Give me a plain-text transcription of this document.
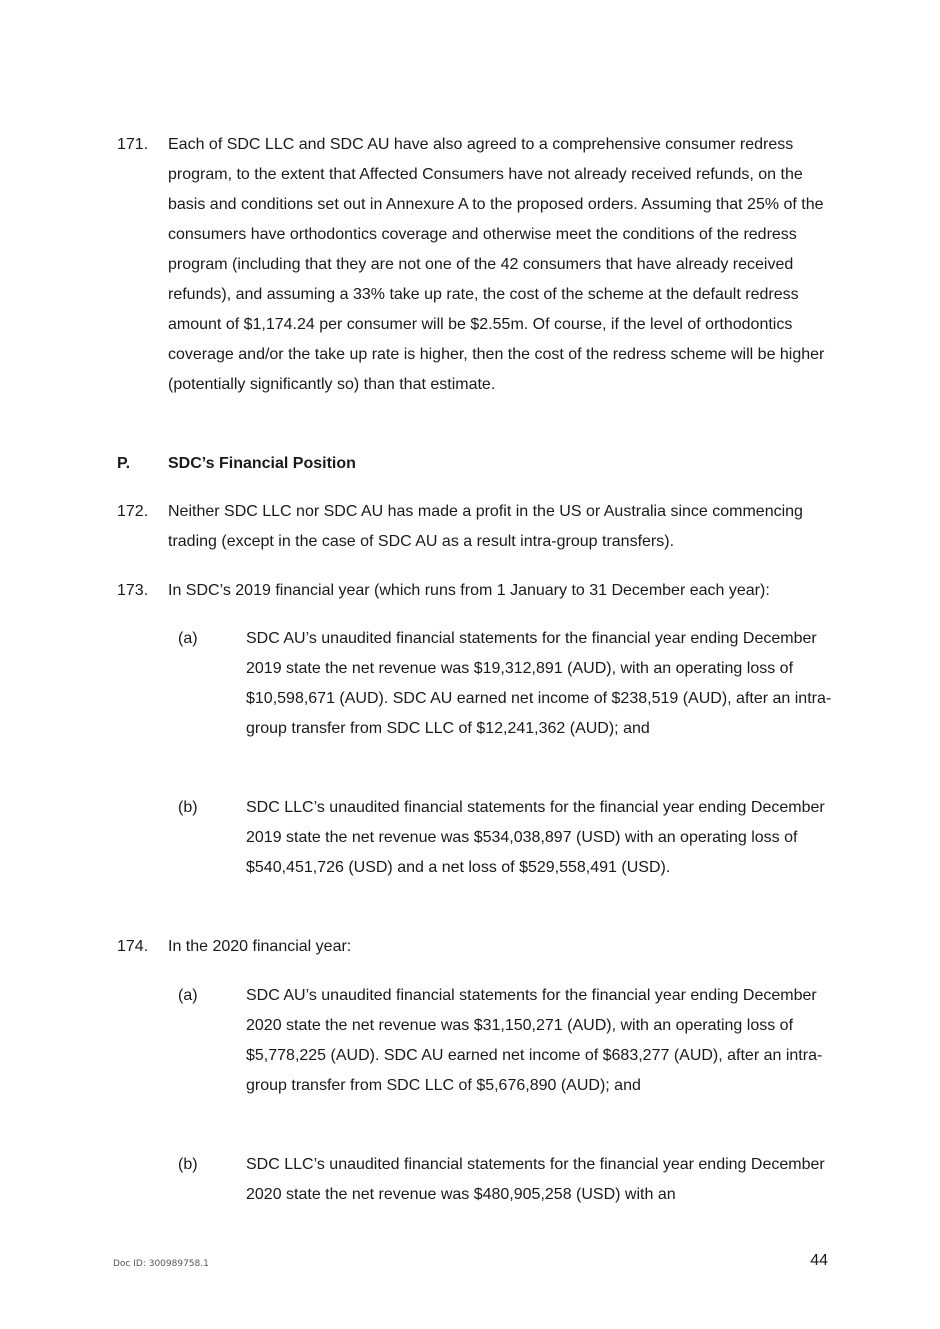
171. Each of SDC LLC and SDC AU have also agreed to a comprehensive consumer redress program, to the extent that Affected Consumers have not already received refunds, on the basis and conditions set out in Annexure A to the proposed orders. Assuming that 25% of the consumers have orthodontics coverage and otherwise meet the conditions of the redress program (including that they are not one of the 42 consumers that have already received refunds), and assuming a 33% take up rate, the cost of the scheme at the default redress amount of $1,174.24 per consumer will be $2.55m. Of course, if the level of orthodontics coverage and/or the take up rate is higher, then the cost of the redress scheme will be higher (potentially significantly so) than that estimate.
P. SDC’s Financial Position
172. Neither SDC LLC nor SDC AU has made a profit in the US or Australia since commencing trading (except in the case of SDC AU as a result intra-group transfers).
173. In SDC’s 2019 financial year (which runs from 1 January to 31 December each year):
(a)	SDC AU’s unaudited financial statements for the financial year ending December 2019 state the net revenue was $19,312,891 (AUD), with an operating loss of $10,598,671 (AUD). SDC AU earned net income of $238,519 (AUD), after an intra-group transfer from SDC LLC of $12,241,362 (AUD); and
(b)	SDC LLC’s unaudited financial statements for the financial year ending December 2019 state the net revenue was $534,038,897 (USD) with an operating loss of $540,451,726 (USD) and a net loss of $529,558,491 (USD).
174. In the 2020 financial year:
(a)	SDC AU’s unaudited financial statements for the financial year ending December 2020 state the net revenue was $31,150,271 (AUD), with an operating loss of $5,778,225 (AUD). SDC AU earned net income of $683,277 (AUD), after an intra-group transfer from SDC LLC of $5,676,890 (AUD); and
(b)	SDC LLC’s unaudited financial statements for the financial year ending December 2020 state the net revenue was $480,905,258 (USD) with an
Doc ID: 300989758.1	44
